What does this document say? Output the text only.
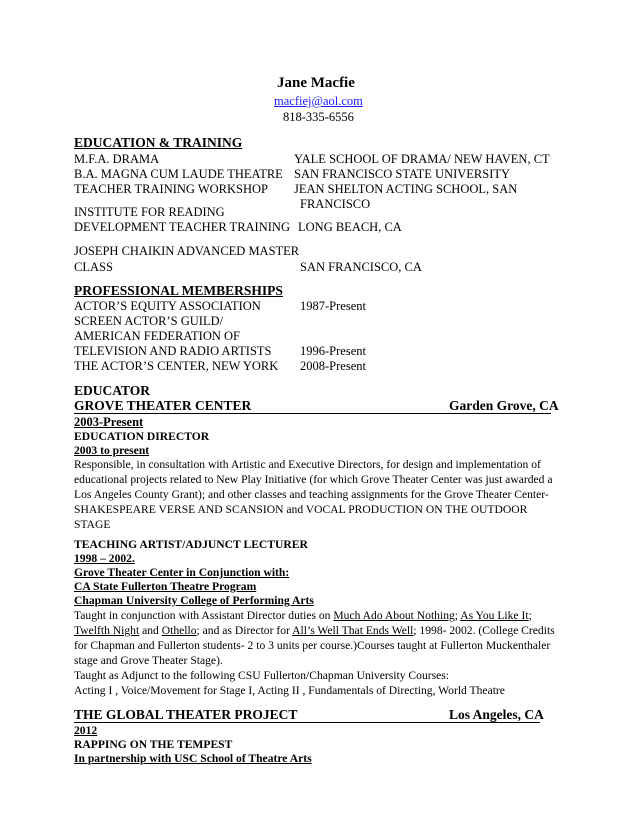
Jane Macfie
macfiej@aol.com
818-335-6556
EDUCATION & TRAINING
M.F.A. DRAMA	YALE SCHOOL OF DRAMA/ NEW HAVEN, CT
B.A. MAGNA CUM LAUDE THEATRE SAN FRANCISCO STATE UNIVERSITY
TEACHER TRAINING WORKSHOP JEAN SHELTON ACTING SCHOOL, SAN
FRANCISCO
INSTITUTE FOR READING
DEVELOPMENT TEACHER TRAINING LONG BEACH, CA
JOSEPH CHAIKIN ADVANCED MASTER
CLASS	SAN FRANCISCO, CA
PROFESSIONAL MEMBERSHIPS
ACTOR’S EQUITY ASSOCIATION	1987-Present
SCREEN ACTOR’S GUILD/
AMERICAN FEDERATION OF
TELEVISION AND RADIO ARTISTS 1996-Present
THE ACTOR’S CENTER, NEW YORK 2008-Present
EDUCATOR
GROVE THEATER CENTER	Garden Grove, CA
2003-Present
EDUCATION DIRECTOR
2003 to present
Responsible, in consultation with Artistic and Executive Directors, for design and implementation of
educational projects related to New Play Initiative (for which Grove Theater Center was just awarded a
Los Angeles County Grant); and other classes and teaching assignments for the Grove Theater Center-
SHAKESPEARE VERSE AND SCANSION and VOCAL PRODUCTION ON THE OUTDOOR
STAGE
TEACHING ARTIST/ADJUNCT LECTURER
1998 – 2002.
Grove Theater Center in Conjunction with:
CA State Fullerton Theatre Program
Chapman University College of Performing Arts
Taught in conjunction with Assistant Director duties on Much Ado About Nothing; As You Like It;
Twelfth Night and Othello; and as Director for All’s Well That Ends Well; 1998- 2002. (College Credits
for Chapman and Fullerton students- 2 to 3 units per course.)Courses taught at Fullerton Muckenthaler
stage and Grove Theater Stage).
Taught as Adjunct to the following CSU Fullerton/Chapman University Courses:
Acting I , Voice/Movement for Stage I, Acting II , Fundamentals of Directing, World Theatre
THE GLOBAL THEATER PROJECT	Los Angeles, CA
2012
RAPPING ON THE TEMPEST
In partnership with USC School of Theatre Arts
